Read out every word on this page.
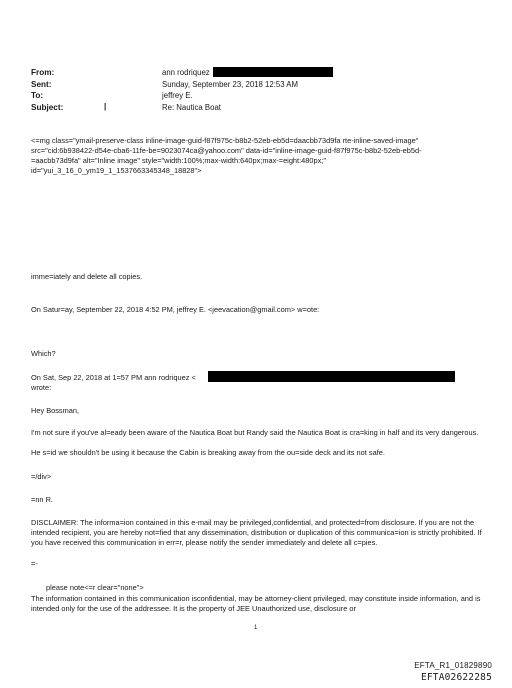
From:	ann rodriquez
Sent:	Sunday, September 23, 2018 12:53 AM
To:	jeffrey E.
Subject:	|	Re: Nautica Boat
<=mg class="ymail-preserve-class inline-image-guid-f87f975c-b8b2-52eb-eb5d=daacbb73d9fa rte-inline-saved-image"
src="cid:6b938422-d54e-cba6-11fe-be=9023074ca@yahoo.com" data-id="inline-image-guid-f87f975c-b8b2-52eb-eb5d-
=aacbb73d9fa" alt="Inline image" style="width:100%;max-width:640px;max-=eight:480px;"
id="yui_3_16_0_ym19_1_1537663345348_18828">
imme=iately and delete all copies.
On Satur=ay, September 22, 2018 4:52 PM, jeffrey E. <jeevacation@gmail.com> w=ote:
Which?
On Sat, Sep 22, 2018 at 1=57 PM ann rodriquez <
wrote:
Hey Bossman,
I'm not sure if you've al=eady been aware of the Nautica Boat but Randy said the Nautica Boat is cra=king in half and its very dangerous.
He s=id we shouldn't be using it because the Cabin is breaking away from the ou=side deck and its not safe.
=/div>
=nn R.
DISCLAIMER: The informa=ion contained in this e-mail may be privileged,confidential, and protected=from disclosure. If you are not the intended recipient, you are hereby not=fied that any dissemination, distribution or duplication of this communica=ion is strictly prohibited. If you have received this communication in err=r, please notify the sender immediately and delete all c=pies.
=-
please note<=r clear="none">
The information contained in this communication isconfidential, may be attorney-client privileged, may constitute inside information, and is intended only for the use of the addressee. It is the property of JEE Unauthorized use, disclosure or
1
EFTA_R1_01829890
EFTA02622285
